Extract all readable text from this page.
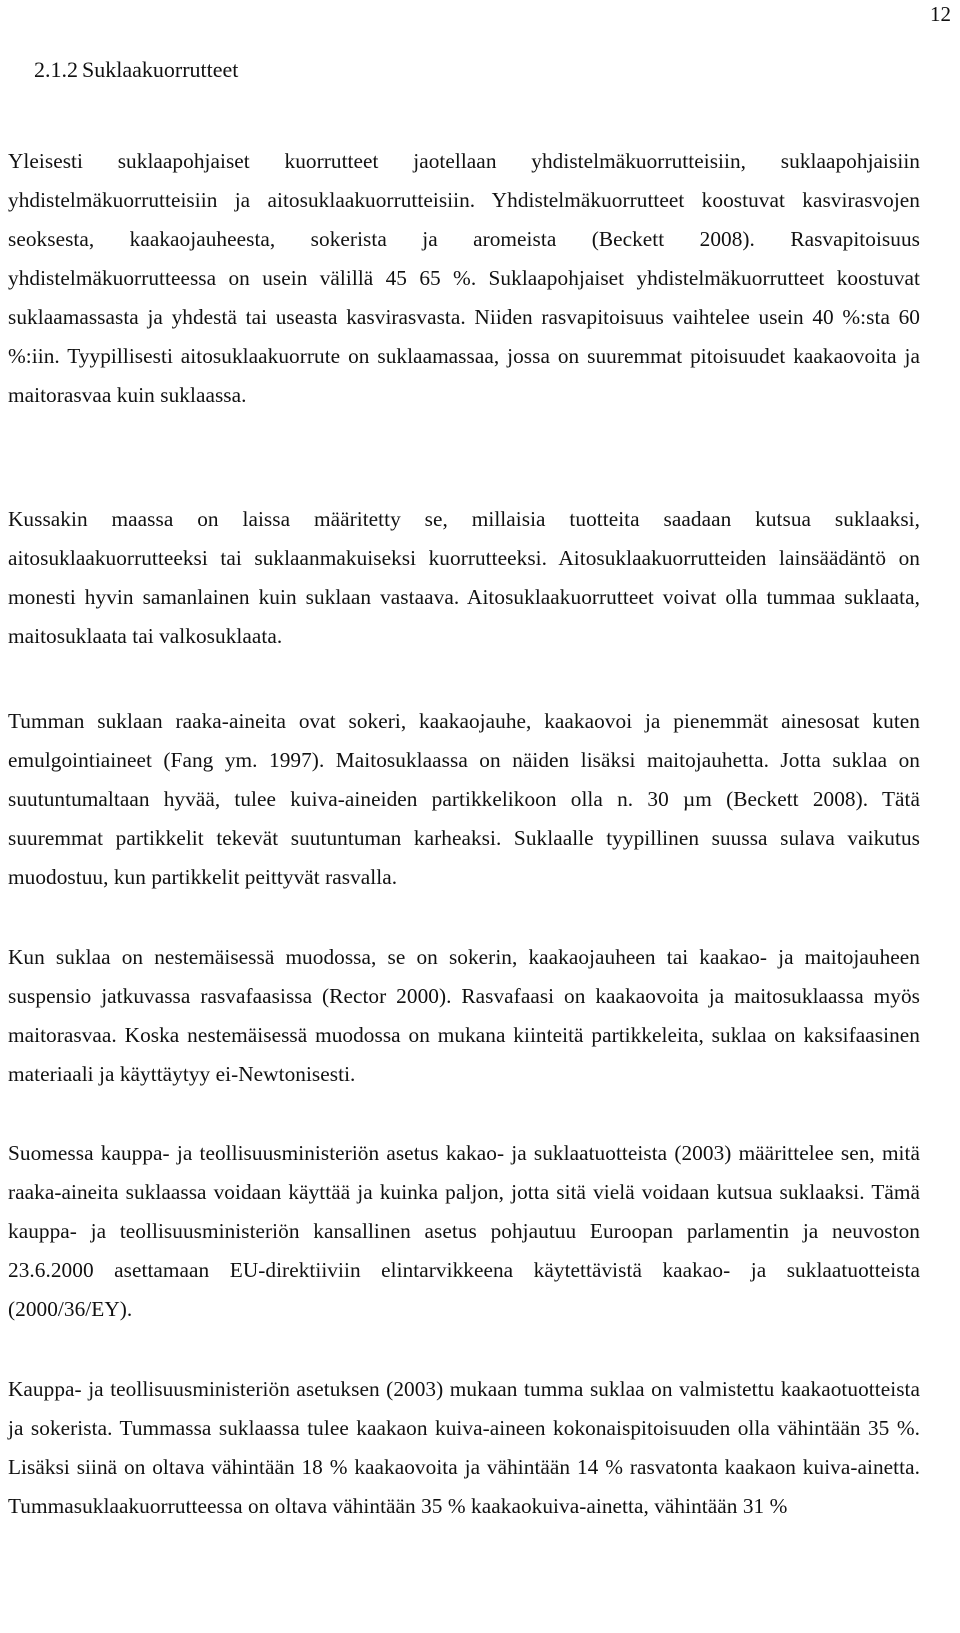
12
2.1.2 Suklaakuorrutteet

Yleisesti suklaapohjaiset kuorrutteet jaotellaan yhdistelmäkuorrutteisiin, suklaapohjaisiin yhdistelmäkuorrutteisiin ja aitosuklaakuorrutteisiin. Yhdistelmäkuorrutteet koostuvat kasvirasvojen seoksesta, kaakaojauheesta, sokerista ja aromeista (Beckett 2008). Rasvapitoisuus yhdistelmäkuorrutteessa on usein välillä 45 65 %. Suklaapohjaiset yhdistelmäkuorrutteet koostuvat suklaamassasta ja yhdestä tai useasta kasvirasvasta. Niiden rasvapitoisuus vaihtelee usein 40 %:sta 60 %:iin. Tyypillisesti aitosuklaakuorrute on suklaamassaa, jossa on suuremmat pitoisuudet kaakaovoita ja maitorasvaa kuin suklaassa.

Kussakin maassa on laissa määritetty se, millaisia tuotteita saadaan kutsua suklaaksi, aitosuklaakuorrutteeksi tai suklaanmakuiseksi kuorrutteeksi. Aitosuklaakuorrutteiden lainsäädäntö on monesti hyvin samanlainen kuin suklaan vastaava. Aitosuklaakuorrutteet voivat olla tummaa suklaata, maitosuklaata tai valkosuklaata.

Tumman suklaan raaka-aineita ovat sokeri, kaakaojauhe, kaakaovoi ja pienemmät ainesosat kuten emulgointiaineet (Fang ym. 1997). Maitosuklaassa on näiden lisäksi maitojauhetta. Jotta suklaa on suutuntumaltaan hyvää, tulee kuiva-aineiden partikkelikoon olla n. 30 µm (Beckett 2008). Tätä suuremmat partikkelit tekevät suutuntuman karheaksi. Suklaalle tyypillinen suussa sulava vaikutus muodostuu, kun partikkelit peittyvät rasvalla.

Kun suklaa on nestemäisessä muodossa, se on sokerin, kaakaojauheen tai kaakao- ja maitojauheen suspensio jatkuvassa rasvafaasissa (Rector 2000). Rasvafaasi on kaakaovoita ja maitosuklaassa myös maitorasvaa. Koska nestemäisessä muodossa on mukana kiinteitä partikkeleita, suklaa on kaksifaasinen materiaali ja käyttäytyy ei-Newtonisesti.

Suomessa kauppa- ja teollisuusministeriön asetus kakao- ja suklaatuotteista (2003) määrittelee sen, mitä raaka-aineita suklaassa voidaan käyttää ja kuinka paljon, jotta sitä vielä voidaan kutsua suklaaksi. Tämä kauppa- ja teollisuusministeriön kansallinen asetus pohjautuu Euroopan parlamentin ja neuvoston 23.6.2000 asettamaan EU-direktiiviin elintarvikkeena käytettävistä kaakao- ja suklaatuotteista (2000/36/EY).

Kauppa- ja teollisuusministeriön asetuksen (2003) mukaan tumma suklaa on valmistettu kaakaotuotteista ja sokerista. Tummassa suklaassa tulee kaakaon kuiva-aineen kokonaispitoisuuden olla vähintään 35 %. Lisäksi siinä on oltava vähintään 18 % kaakaovoita ja vähintään 14 % rasvatonta kaakaon kuiva-ainetta. Tummasuklaakuorrutteessa on oltava vähintään 35 % kaakaokuiva-ainetta, vähintään 31 %
